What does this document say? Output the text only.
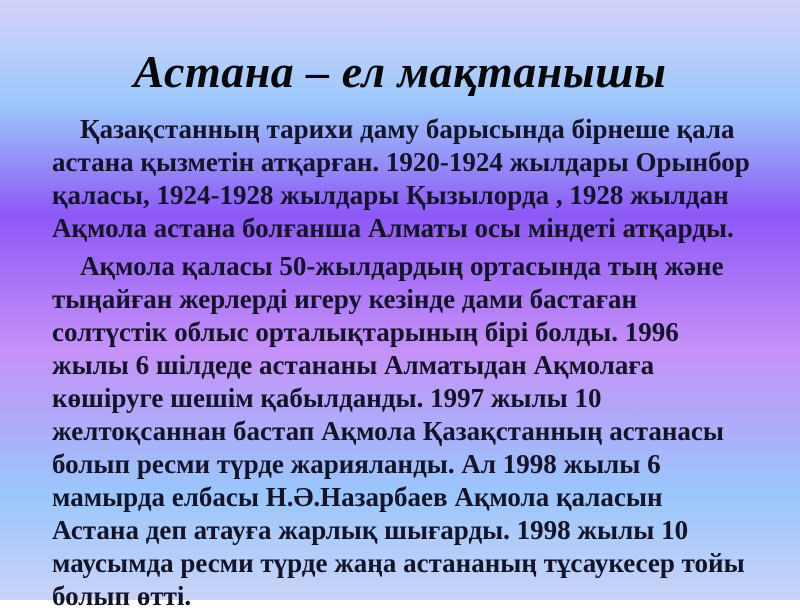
Астана – ел мақтанышы

Қазақстанның тарихи даму барысында бірнеше қала астана қызметін атқарған. 1920-1924 жылдары Орынбор қаласы, 1924-1928 жылдары Қызылорда , 1928 жылдан Ақмола астана болғанша Алматы осы міндеті атқарды.

Ақмола қаласы 50-жылдардың ортасында тың және тыңайған жерлерді игеру кезінде дами бастаған солтүстік облыс орталықтарының бірі болды. 1996 жылы 6 шілдеде астананы Алматыдан Ақмолаға көшіруге шешім қабылданды. 1997 жылы 10 желтоқсаннан бастап Ақмола Қазақстанның астанасы болып ресми түрде жарияланды. Ал 1998 жылы 6 мамырда елбасы Н.Ә.Назарбаев Ақмола қаласын Астана деп атауға жарлық шығарды. 1998 жылы 10 маусымда ресми түрде жаңа астананың тұсаукесер тойы болып өтті.
